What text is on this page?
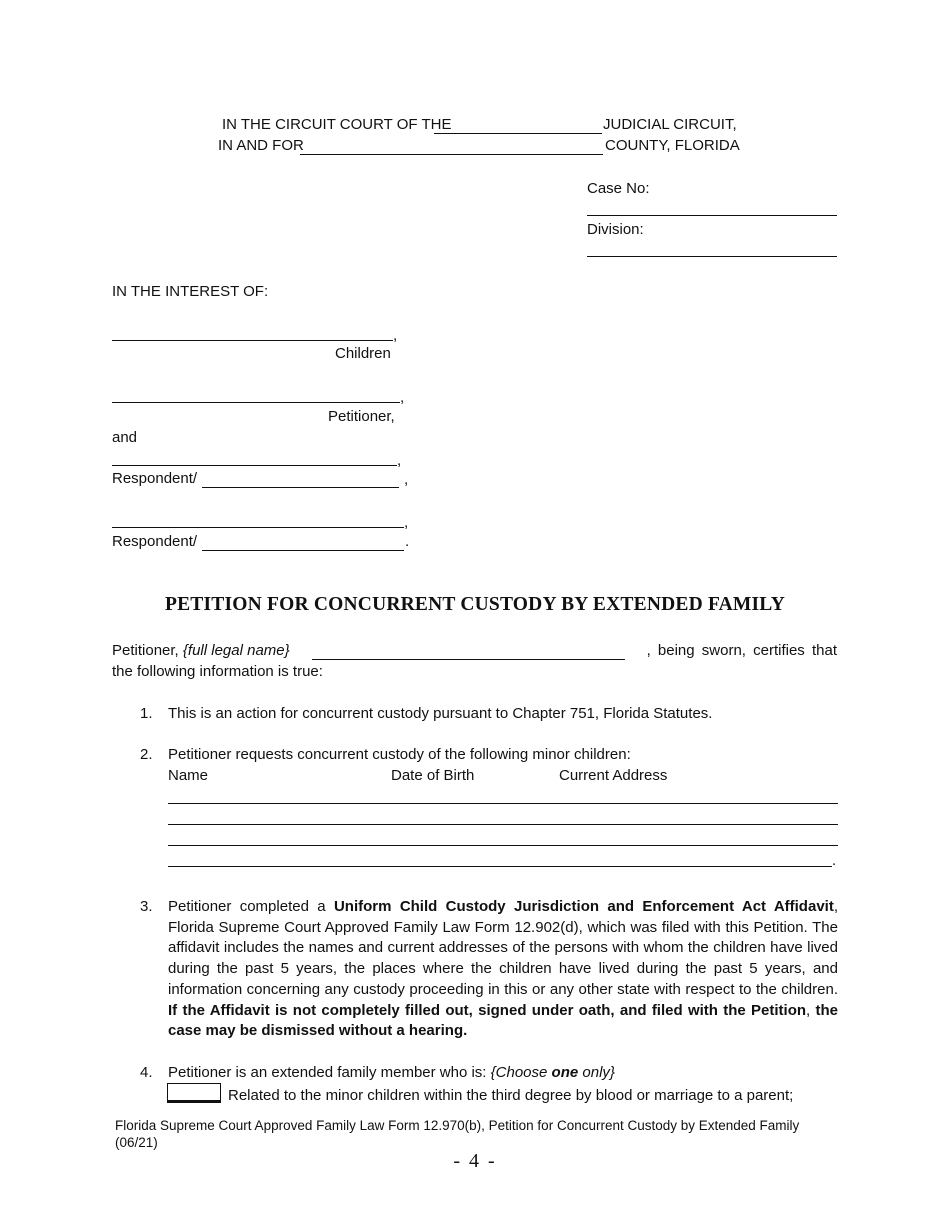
IN THE CIRCUIT COURT OF THE	JUDICIAL CIRCUIT,
IN AND FOR	COUNTY, FLORIDA
Case No:
Division:
IN THE INTEREST OF:
,
Children
,
Petitioner,
and
,
Respondent/	,
,
Respondent/	.
PETITION FOR CONCURRENT CUSTODY BY EXTENDED FAMILY
Petitioner, {full legal name}	, being sworn, certifies that
the following information is true:
1. This is an action for concurrent custody pursuant to Chapter 751, Florida Statutes.
2. Petitioner requests concurrent custody of the following minor children:
Name	Date of Birth	Current Address
.
3. Petitioner completed a Uniform Child Custody Jurisdiction and Enforcement Act Affidavit, Florida Supreme Court Approved Family Law Form 12.902(d), which was filed with this Petition. The affidavit includes the names and current addresses of the persons with whom the children have lived during the past 5 years, the places where the children have lived during the past 5 years, and information concerning any custody proceeding in this or any other state with respect to the children. If the Affidavit is not completely filled out, signed under oath, and filed with the Petition, the case may be dismissed without a hearing.
4. Petitioner is an extended family member who is: {Choose one only}
Related to the minor children within the third degree by blood or marriage to a parent;
Florida Supreme Court Approved Family Law Form 12.970(b), Petition for Concurrent Custody by Extended Family (06/21)
- 4 -
